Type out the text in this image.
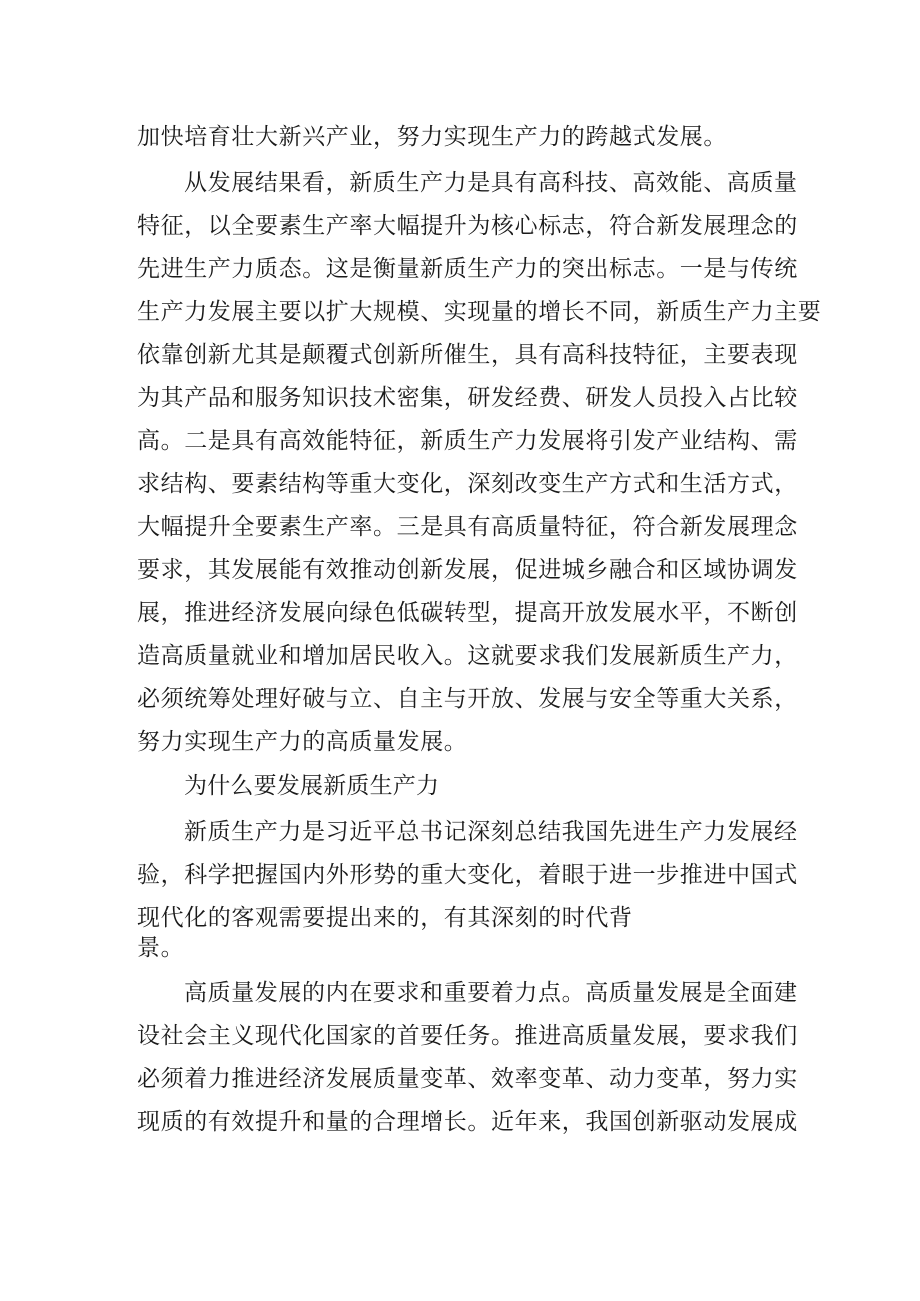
加快培育壮大新兴产业，努力实现生产力的跨越式发展。

从发展结果看，新质生产力是具有高科技、高效能、高质量

特征，以全要素生产率大幅提升为核心标志，符合新发展理念的

先进生产力质态。这是衡量新质生产力的突出标志。一是与传统

生产力发展主要以扩大规模、实现量的增长不同，新质生产力主要

依靠创新尤其是颠覆式创新所催生，具有高科技特征，主要表现

为其产品和服务知识技术密集，研发经费、研发人员投入占比较

高。二是具有高效能特征，新质生产力发展将引发产业结构、需

求结构、要素结构等重大变化，深刻改变生产方式和生活方式，

大幅提升全要素生产率。三是具有高质量特征，符合新发展理念

要求，其发展能有效推动创新发展，促进城乡融合和区域协调发

展，推进经济发展向绿色低碳转型，提高开放发展水平，不断创

造高质量就业和增加居民收入。这就要求我们发展新质生产力，

必须统筹处理好破与立、自主与开放、发展与安全等重大关系，

努力实现生产力的高质量发展。

为什么要发展新质生产力

新质生产力是习近平总书记深刻总结我国先进生产力发展经

验，科学把握国内外形势的重大变化，着眼于进一步推进中国式

现代化的客观需要提出来的，有其深刻的时代背

景。

高质量发展的内在要求和重要着力点。高质量发展是全面建

设社会主义现代化国家的首要任务。推进高质量发展，要求我们

必须着力推进经济发展质量变革、效率变革、动力变革，努力实

现质的有效提升和量的合理增长。近年来，我国创新驱动发展成
